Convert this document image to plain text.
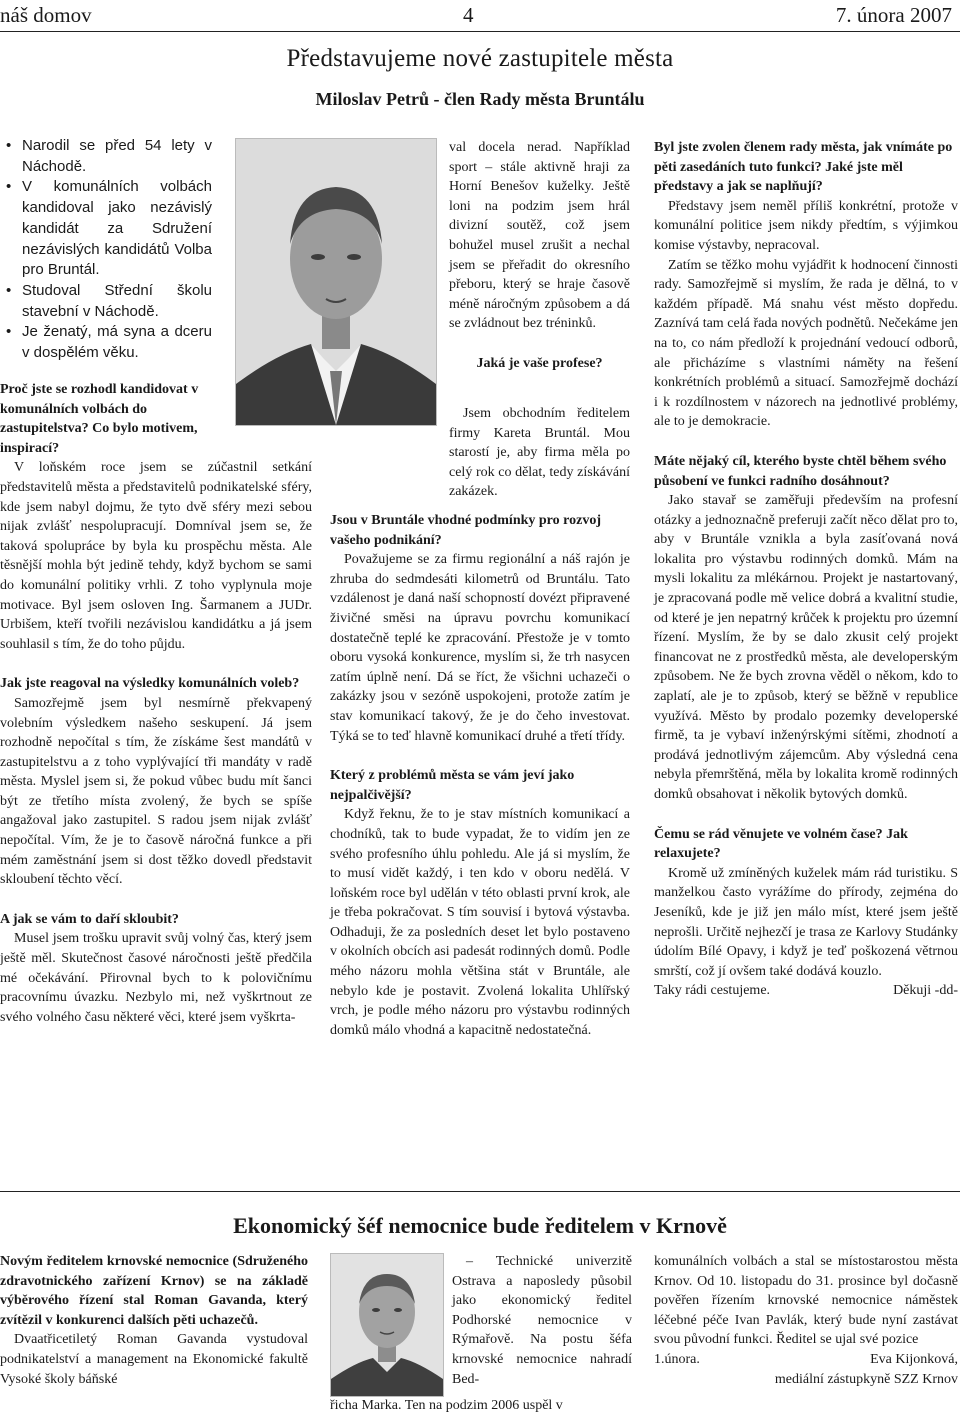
náš domov	4	7. února 2007
Představujeme nové zastupitele města
Miloslav Petrů - člen Rady města Bruntálu
• Narodil se před 54 lety v Náchodě.
• V komunálních volbách kandidoval jako nezávislý kandidát za Sdružení nezávislých kandidátů Volba pro Bruntál.
• Studoval Střední školu stavební v Náchodě.
• Je ženatý, má syna a dceru v dospělém věku.

Proč jste se rozhodl kandidovat v komunálních volbách do zastupitelstva? Co bylo motivem, inspirací?

V loňském roce jsem se zúčastnil setkání představitelů města a představitelů podnikatelské sféry, kde jsem nabyl dojmu, že tyto dvě sféry mezi sebou nijak zvlášť nespolupracují. Domníval jsem se, že taková spolupráce by byla ku prospěchu města. Ale těsnější mohla být jedině tehdy, když bychom se sami do komunální politiky vrhli. Z toho vyplynula moje motivace. Byl jsem osloven Ing. Šarmanem a JUDr. Urbišem, kteří tvořili nezávislou kandidátku a já jsem souhlasil s tím, že do toho půjdu.

Jak jste reagoval na výsledky komunálních voleb?

Samozřejmě jsem byl nesmírně překvapený volebním výsledkem našeho seskupení. Já jsem rozhodně nepočítal s tím, že získáme šest mandátů v zastupitelstvu a z toho vyplývající tři mandáty v radě města. Myslel jsem si, že pokud vůbec budu mít šanci být ze třetího místa zvolený, že bych se spíše angažoval jako zastupitel. S radou jsem nijak zvlášť nepočítal. Vím, že je to časově náročná funkce a při mém zaměstnání jsem si dost těžko dovedl představit skloubení těchto věcí.

A jak se vám to daří skloubit?

Musel jsem trošku upravit svůj volný čas, který jsem ještě měl. Skutečnost časové náročnosti ještě předčila mé očekávání. Přirovnal bych to k polovičnímu pracovnímu úvazku. Nezbylo mi, než vyškrtnout ze svého volného času některé věci, které jsem vyškrta-

val docela nerad. Například sport – stále aktivně hraji za Horní Benešov kuželky. Ještě loni na podzim jsem hrál divizní soutěž, což jsem bohužel musel zrušit a nechal jsem se přeřadit do okresního přeboru, který se hraje časově méně náročným způsobem a dá se zvládnout bez tréninků.

Jaká je vaše profese?

Jsem obchodním ředitelem firmy Kareta Bruntál. Mou starostí je, aby firma měla po celý rok co dělat, tedy získávání zakázek.

Jsou v Bruntále vhodné podmínky pro rozvoj vašeho podnikání?

Považujeme se za firmu regionální a náš rajón je zhruba do sedmdesáti kilometrů od Bruntálu. Tato vzdálenost je daná naší schopností dovézt připravené živičné směsi na úpravu povrchu komunikací dostatečně teplé ke zpracování. Přestože je v tomto oboru vysoká konkurence, myslím si, že trh nasycen zatím úplně není. Dá se říct, že všichni uchazeči o zakázky jsou v sezóně uspokojeni, protože zatím je stav komunikací takový, že je do čeho investovat. Týká se to teď hlavně komunikací druhé a třetí třídy.

Který z problémů města se vám jeví jako nejpalčivější?

Když řeknu, že to je stav místních komunikací a chodníků, tak to bude vypadat, že to vidím jen ze svého profesního úhlu pohledu. Ale já si myslím, že to musí vidět každý, i ten kdo v oboru nedělá. V loňském roce byl udělán v této oblasti první krok, ale je třeba pokračovat. S tím souvisí i bytová výstavba. Odhaduji, že za posledních deset let bylo postaveno v okolních obcích asi padesát rodinných domů. Podle mého názoru mohla většina stát v Bruntále, ale nebylo kde je postavit. Zvolená lokalita Uhlířský vrch, je podle mého názoru pro výstavbu rodinných domků málo vhodná a kapacitně nedostatečná.

Byl jste zvolen členem rady města, jak vnímáte po pěti zasedáních tuto funkci? Jaké jste měl představy a jak se naplňují?

Představy jsem neměl příliš konkrétní, protože v komunální politice jsem nikdy předtím, s výjimkou komise výstavby, nepracoval.

Zatím se těžko mohu vyjádřit k hodnocení činnosti rady. Samozřejmě si myslím, že rada je dělná, to v každém případě. Má snahu vést město dopředu. Zaznívá tam celá řada nových podnětů. Nečekáme jen na to, co nám předloží k projednání vedoucí odborů, ale přicházíme s vlastními náměty na řešení konkrétních problémů a situací. Samozřejmě dochází i k rozdílnostem v názorech na jednotlivé problémy, ale to je demokracie.

Máte nějaký cíl, kterého byste chtěl během svého působení ve funkci radního dosáhnout?

Jako stavař se zaměřuji především na profesní otázky a jednoznačně preferuji začít něco dělat pro to, aby v Bruntále vznikla a byla zasíťovaná nová lokalita pro výstavbu rodinných domků. Mám na mysli lokalitu za mlékárnou. Projekt je nastartovaný, je zpracovaná podle mě velice dobrá a kvalitní studie, od které je jen nepatrný krůček k projektu pro územní řízení. Myslím, že by se dalo zkusit celý projekt financovat ne z prostředků města, ale developerským způsobem. Ne že bych zrovna věděl o někom, kdo to zaplatí, ale je to způsob, který se běžně v republice využívá. Město by prodalo pozemky developerské firmě, ta je vybaví inženýrskými sítěmi, zhodnotí a prodává jednotlivým zájemcům. Aby výsledná cena nebyla přemrštěná, měla by lokalita kromě rodinných domků obsahovat i několik bytových domků.

Čemu se rád věnujete ve volném čase? Jak relaxujete?

Kromě už zmíněných kuželek mám rád turistiku. S manželkou často vyrážíme do přírody, zejména do Jeseníků, kde je již jen málo míst, které jsem ještě neprošli. Určitě nejhezčí je trasa ze Karlovy Studánky údolím Bílé Opavy, i když je teď poškozená větrnou smrští, což jí ovšem také dodává kouzlo.

Taky rádi cestujeme.	Děkuji -dd-

Ekonomický šéf nemocnice bude ředitelem v Krnově

Novým ředitelem krnovské nemocnice (Sdruženého zdravotnického zařízení Krnov) se na základě výběrového řízení stal Roman Gavanda, který zvítězil v konkurenci dalších pěti uchazečů.

Dvaatřicetiletý Roman Gavanda vystudoval podnikatelství a management na Ekonomické fakultě Vysoké školy báňské

– Technické univerzitě Ostrava a naposledy působil jako ekonomický ředitel Podhorské nemocnice v Rýmařově. Na postu šéfa krnovské nemocnice nahradí Bed-

řicha Marka. Ten na podzim 2006 uspěl v

komunálních volbách a stal se místostarostou města Krnov. Od 10. listopadu do 31. prosince byl dočasně pověřen řízením krnovské nemocnice náměstek léčebné péče Ivan Pavlák, který bude nyní zastávat svou původní funkci. Ředitel se ujal své pozice

1.února.	Eva Kijonková,

mediální zástupkyně SZZ Krnov
